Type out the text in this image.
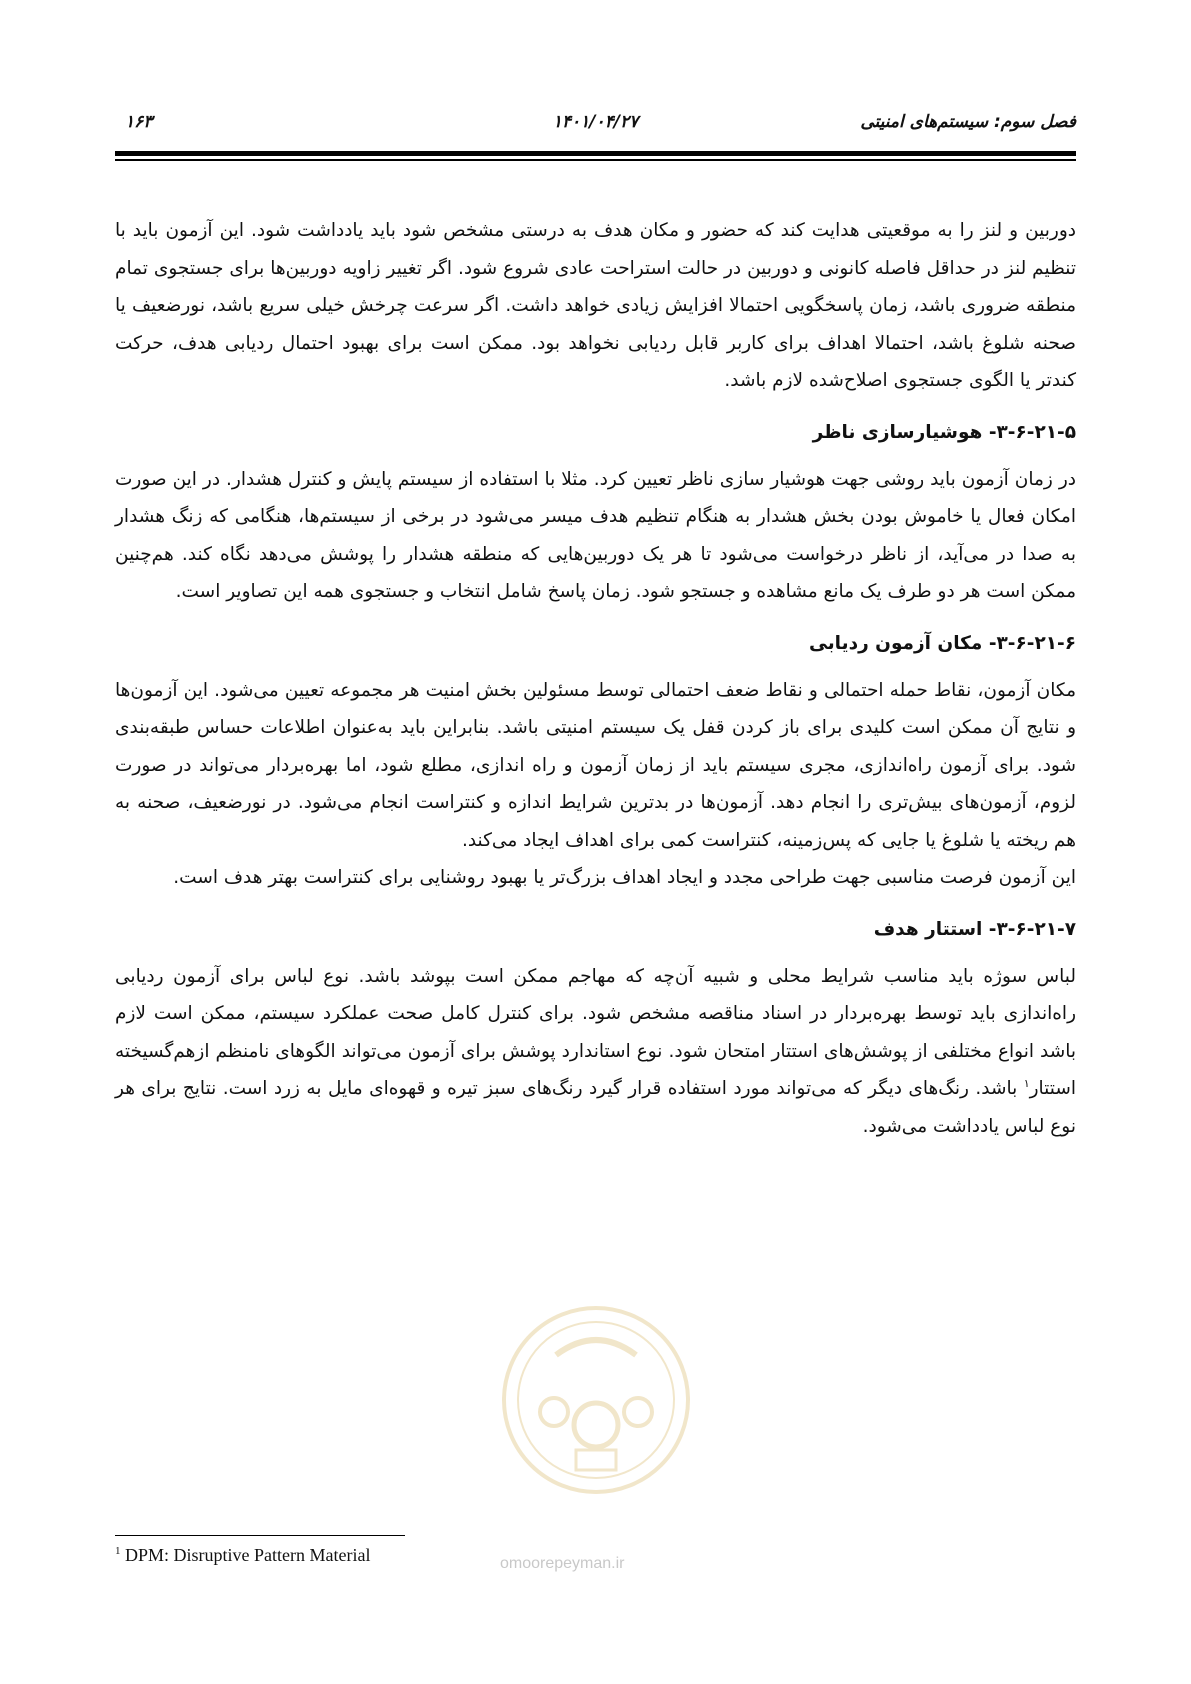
فصل سوم: سیستم‌های امنیتی
۱۴۰۱/۰۴/۲۷
۱۶۳

دوربین و لنز را به موقعیتی هدایت کند که حضور و مکان هدف به درستی مشخص شود باید یادداشت شود. این آزمون باید با تنظیم لنز در حداقل فاصله کانونی و دوربین در حالت استراحت عادی شروع شود. اگر تغییر زاویه دوربین‌ها برای جستجوی تمام منطقه ضروری باشد، زمان پاسخگویی احتمالا افزایش زیادی خواهد داشت. اگر سرعت چرخش خیلی سریع باشد، نورضعیف یا صحنه شلوغ باشد، احتمالا اهداف برای کاربر قابل ردیابی نخواهد بود. ممکن است برای بهبود احتمال ردیابی هدف، حرکت کندتر یا الگوی جستجوی اصلاح‌شده لازم باشد.

۳-۶-۲۱-۵- هوشیارسازی ناظر

در زمان آزمون باید روشی جهت هوشیار سازی ناظر تعیین کرد. مثلا با استفاده از سیستم پایش و کنترل هشدار. در این صورت امکان فعال یا خاموش بودن بخش هشدار به هنگام تنظیم هدف میسر می‌شود در برخی از سیستم‌ها، هنگامی که زنگ هشدار به صدا در می‌آید، از ناظر درخواست می‌شود تا هر یک دوربین‌هایی که منطقه هشدار را پوشش می‌دهد نگاه کند. هم‌چنین ممکن است هر دو طرف یک مانع مشاهده و جستجو شود. زمان پاسخ شامل انتخاب و جستجوی همه این تصاویر است.

۳-۶-۲۱-۶- مکان آزمون ردیابی

مکان آزمون، نقاط حمله احتمالی و نقاط ضعف احتمالی توسط مسئولین بخش امنیت هر مجموعه تعیین می‌شود. این آزمون‌ها و نتایج آن ممکن است کلیدی برای باز کردن قفل یک سیستم امنیتی باشد. بنابراین باید به‌عنوان اطلاعات حساس طبقه‌بندی شود. برای آزمون راه‌اندازی، مجری سیستم باید از زمان آزمون و راه اندازی، مطلع شود، اما بهره‌بردار می‌تواند در صورت لزوم، آزمون‌های بیش‌تری را انجام دهد. آزمون‌ها در بدترین شرایط اندازه و کنتراست انجام می‌شود. در نورضعیف، صحنه به هم ریخته یا شلوغ یا جایی که پس‌زمینه، کنتراست کمی برای اهداف ایجاد می‌کند.

این آزمون فرصت مناسبی جهت طراحی مجدد و ایجاد اهداف بزرگ‌تر یا بهبود روشنایی برای کنتراست بهتر هدف است.

۳-۶-۲۱-۷- استتار هدف

لباس سوژه باید مناسب شرایط محلی و شبیه آن‌چه که مهاجم ممکن است بپوشد باشد. نوع لباس برای آزمون ردیابی راه‌اندازی باید توسط بهره‌بردار در اسناد مناقصه مشخص شود. برای کنترل کامل صحت عملکرد سیستم، ممکن است لازم باشد انواع مختلفی از پوشش‌های استتار امتحان شود. نوع استاندارد پوشش برای آزمون می‌تواند الگوهای نامنظم ازهم‌گسیخته استتار$^۱$ باشد. رنگ‌های دیگر که می‌تواند مورد استفاده قرار گیرد رنگ‌های سبز تیره و قهوه‌ای مایل به زرد است. نتایج برای هر نوع لباس یادداشت می‌شود.

omoorepeyman.ir
$^1$ DPM: Disruptive Pattern Material
